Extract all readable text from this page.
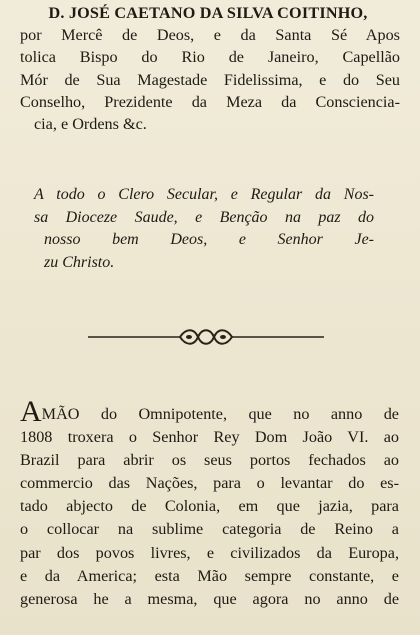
D. JOSÉ CAETANO DA SILVA COITINHO,
por Mercê de Deos, e da Santa Sé Apos
tolica Bispo do Rio de Janeiro, Capellão
Mór de Sua Magestade Fidelissima, e do Seu
Conselho, Prezidente da Meza da Consciencia-
cia, e Ordens &c.
A todo o Clero Secular, e Regular da Nos-
sa Dioceze Saude, e Benção na paz do
nosso bem Deos, e Senhor Je-
zu Christo.
AMÃO do Omnipotente, que no anno de
1808 troxera o Senhor Rey Dom João VI. ao
Brazil para abrir os seus portos fechados ao
commercio das Nações, para o levantar do es-
tado abjecto de Colonia, em que jazia, para
o collocar na sublime categoria de Reino a
par dos povos livres, e civilizados da Europa,
e da America; esta Mão sempre constante, e
generosa he a mesma, que agora no anno de
